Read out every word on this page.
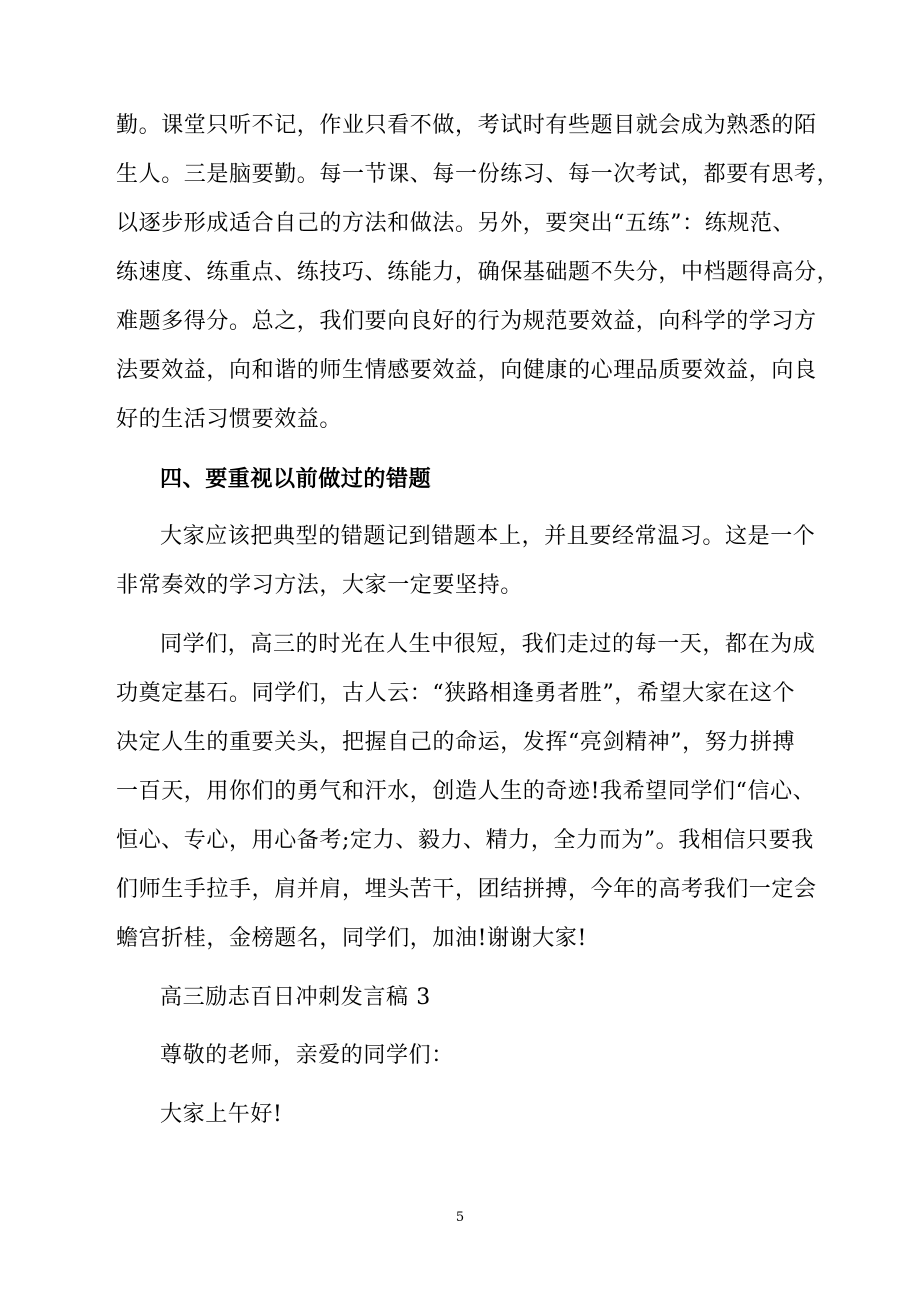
勤。课堂只听不记，作业只看不做，考试时有些题目就会成为熟悉的陌
生人。三是脑要勤。每一节课、每一份练习、每一次考试，都要有思考，
以逐步形成适合自己的方法和做法。另外，要突出“五练”：练规范、
练速度、练重点、练技巧、练能力，确保基础题不失分，中档题得高分，
难题多得分。总之，我们要向良好的行为规范要效益，向科学的学习方
法要效益，向和谐的师生情感要效益，向健康的心理品质要效益，向良
好的生活习惯要效益。
四、要重视以前做过的错题
大家应该把典型的错题记到错题本上，并且要经常温习。这是一个
非常奏效的学习方法，大家一定要坚持。
同学们，高三的时光在人生中很短，我们走过的每一天，都在为成
功奠定基石。同学们，古人云：“狭路相逢勇者胜”，希望大家在这个
决定人生的重要关头，把握自己的命运，发挥“亮剑精神”，努力拼搏
一百天，用你们的勇气和汗水，创造人生的奇迹!我希望同学们“信心、
恒心、专心，用心备考;定力、毅力、精力，全力而为”。我相信只要我
们师生手拉手，肩并肩，埋头苦干，团结拼搏，今年的高考我们一定会
蟾宫折桂，金榜题名，同学们，加油!谢谢大家!
高三励志百日冲刺发言稿 3
尊敬的老师，亲爱的同学们：
大家上午好!
5
